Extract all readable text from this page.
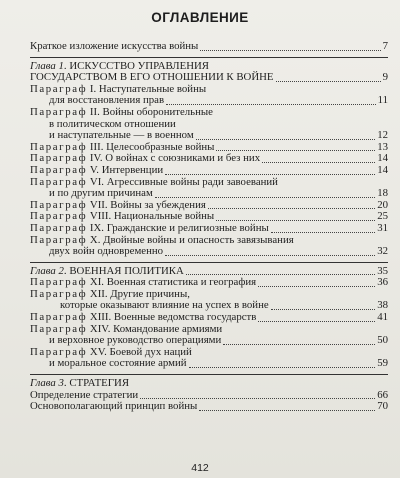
ОГЛАВЛЕНИЕ
Краткое изложение искусства войны	7
Глава 1. ИСКУССТВО УПРАВЛЕНИЯ
ГОСУДАРСТВОМ В ЕГО ОТНОШЕНИИ К ВОЙНЕ	9
Параграф I. Наступательные войны
для восстановления прав	11
Параграф II. Войны оборонительные
в политическом отношении
и наступательные — в военном	12
Параграф III. Целесообразные войны	13
Параграф IV. О войнах с союзниками и без них	14
Параграф V. Интервенции	14
Параграф VI. Агрессивные войны ради завоеваний
и по другим причинам	18
Параграф VII. Войны за убеждения	20
Параграф VIII. Национальные войны	25
Параграф IX. Гражданские и религиозные войны	31
Параграф X. Двойные войны и опасность завязывания
двух войн одновременно	32
Глава 2. ВОЕННАЯ ПОЛИТИКА	35
Параграф XI. Военная статистика и география	36
Параграф XII. Другие причины,
которые оказывают влияние на успех в войне	38
Параграф XIII. Военные ведомства государств	41
Параграф XIV. Командование армиями
и верховное руководство операциями	50
Параграф XV. Боевой дух наций
и моральное состояние армий	59
Глава 3. СТРАТЕГИЯ
Определение стратегии	66
Основополагающий принцип войны	70
412
